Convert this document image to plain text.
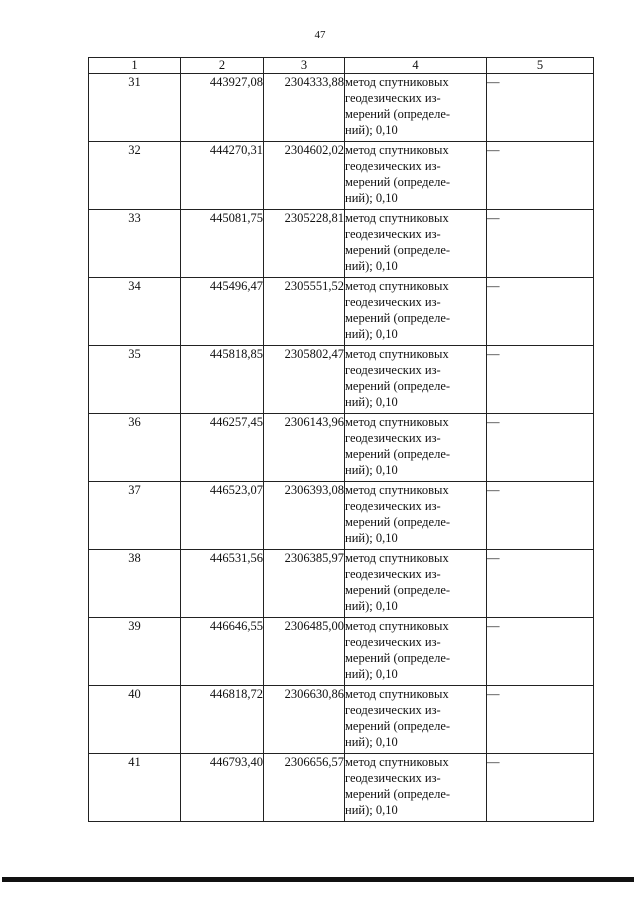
47
1	2	3	4	5
31	443927,08	2304333,88	метод спутниковых
геодезических из-
мерений (определе-
ний); 0,10	—
32	444270,31	2304602,02	метод спутниковых
геодезических из-
мерений (определе-
ний); 0,10	—
33	445081,75	2305228,81	метод спутниковых
геодезических из-
мерений (определе-
ний); 0,10	—
34	445496,47	2305551,52	метод спутниковых
геодезических из-
мерений (определе-
ний); 0,10	—
35	445818,85	2305802,47	метод спутниковых
геодезических из-
мерений (определе-
ний); 0,10	—
36	446257,45	2306143,96	метод спутниковых
геодезических из-
мерений (определе-
ний); 0,10	—
37	446523,07	2306393,08	метод спутниковых
геодезических из-
мерений (определе-
ний); 0,10	—
38	446531,56	2306385,97	метод спутниковых
геодезических из-
мерений (определе-
ний); 0,10	—
39	446646,55	2306485,00	метод спутниковых
геодезических из-
мерений (определе-
ний); 0,10	—
40	446818,72	2306630,86	метод спутниковых
геодезических из-
мерений (определе-
ний); 0,10	—
41	446793,40	2306656,57	метод спутниковых
геодезических из-
мерений (определе-
ний); 0,10	—
